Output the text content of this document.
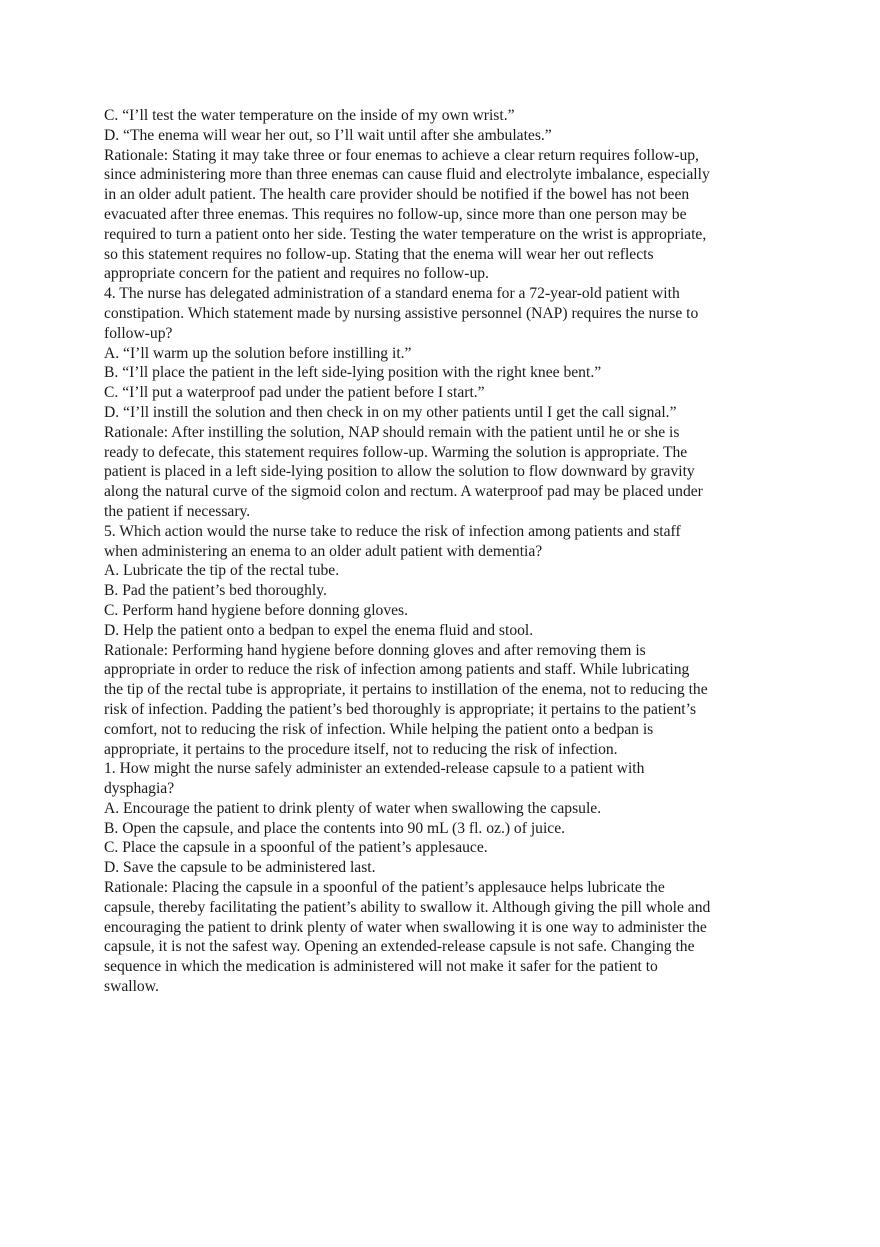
C. “I’ll test the water temperature on the inside of my own wrist.”
D. “The enema will wear her out, so I’ll wait until after she ambulates.”
Rationale: Stating it may take three or four enemas to achieve a clear return requires follow-up,
since administering more than three enemas can cause fluid and electrolyte imbalance, especially
in an older adult patient. The health care provider should be notified if the bowel has not been
evacuated after three enemas. This requires no follow-up, since more than one person may be
required to turn a patient onto her side. Testing the water temperature on the wrist is appropriate,
so this statement requires no follow-up. Stating that the enema will wear her out reflects
appropriate concern for the patient and requires no follow-up.
4. The nurse has delegated administration of a standard enema for a 72-year-old patient with
constipation. Which statement made by nursing assistive personnel (NAP) requires the nurse to
follow-up?
A. “I’ll warm up the solution before instilling it.”
B. “I’ll place the patient in the left side-lying position with the right knee bent.”
C. “I’ll put a waterproof pad under the patient before I start.”
D. “I’ll instill the solution and then check in on my other patients until I get the call signal.”
Rationale: After instilling the solution, NAP should remain with the patient until he or she is
ready to defecate, this statement requires follow-up. Warming the solution is appropriate. The
patient is placed in a left side-lying position to allow the solution to flow downward by gravity
along the natural curve of the sigmoid colon and rectum. A waterproof pad may be placed under
the patient if necessary.
5. Which action would the nurse take to reduce the risk of infection among patients and staff
when administering an enema to an older adult patient with dementia?
A. Lubricate the tip of the rectal tube.
B. Pad the patient’s bed thoroughly.
C. Perform hand hygiene before donning gloves.
D. Help the patient onto a bedpan to expel the enema fluid and stool.
Rationale: Performing hand hygiene before donning gloves and after removing them is
appropriate in order to reduce the risk of infection among patients and staff. While lubricating
the tip of the rectal tube is appropriate, it pertains to instillation of the enema, not to reducing the
risk of infection. Padding the patient’s bed thoroughly is appropriate; it pertains to the patient’s
comfort, not to reducing the risk of infection. While helping the patient onto a bedpan is
appropriate, it pertains to the procedure itself, not to reducing the risk of infection.
1. How might the nurse safely administer an extended-release capsule to a patient with
dysphagia?
A. Encourage the patient to drink plenty of water when swallowing the capsule.
B. Open the capsule, and place the contents into 90 mL (3 fl. oz.) of juice.
C. Place the capsule in a spoonful of the patient’s applesauce.
D. Save the capsule to be administered last.
Rationale: Placing the capsule in a spoonful of the patient’s applesauce helps lubricate the
capsule, thereby facilitating the patient’s ability to swallow it. Although giving the pill whole and
encouraging the patient to drink plenty of water when swallowing it is one way to administer the
capsule, it is not the safest way. Opening an extended-release capsule is not safe. Changing the
sequence in which the medication is administered will not make it safer for the patient to
swallow.
